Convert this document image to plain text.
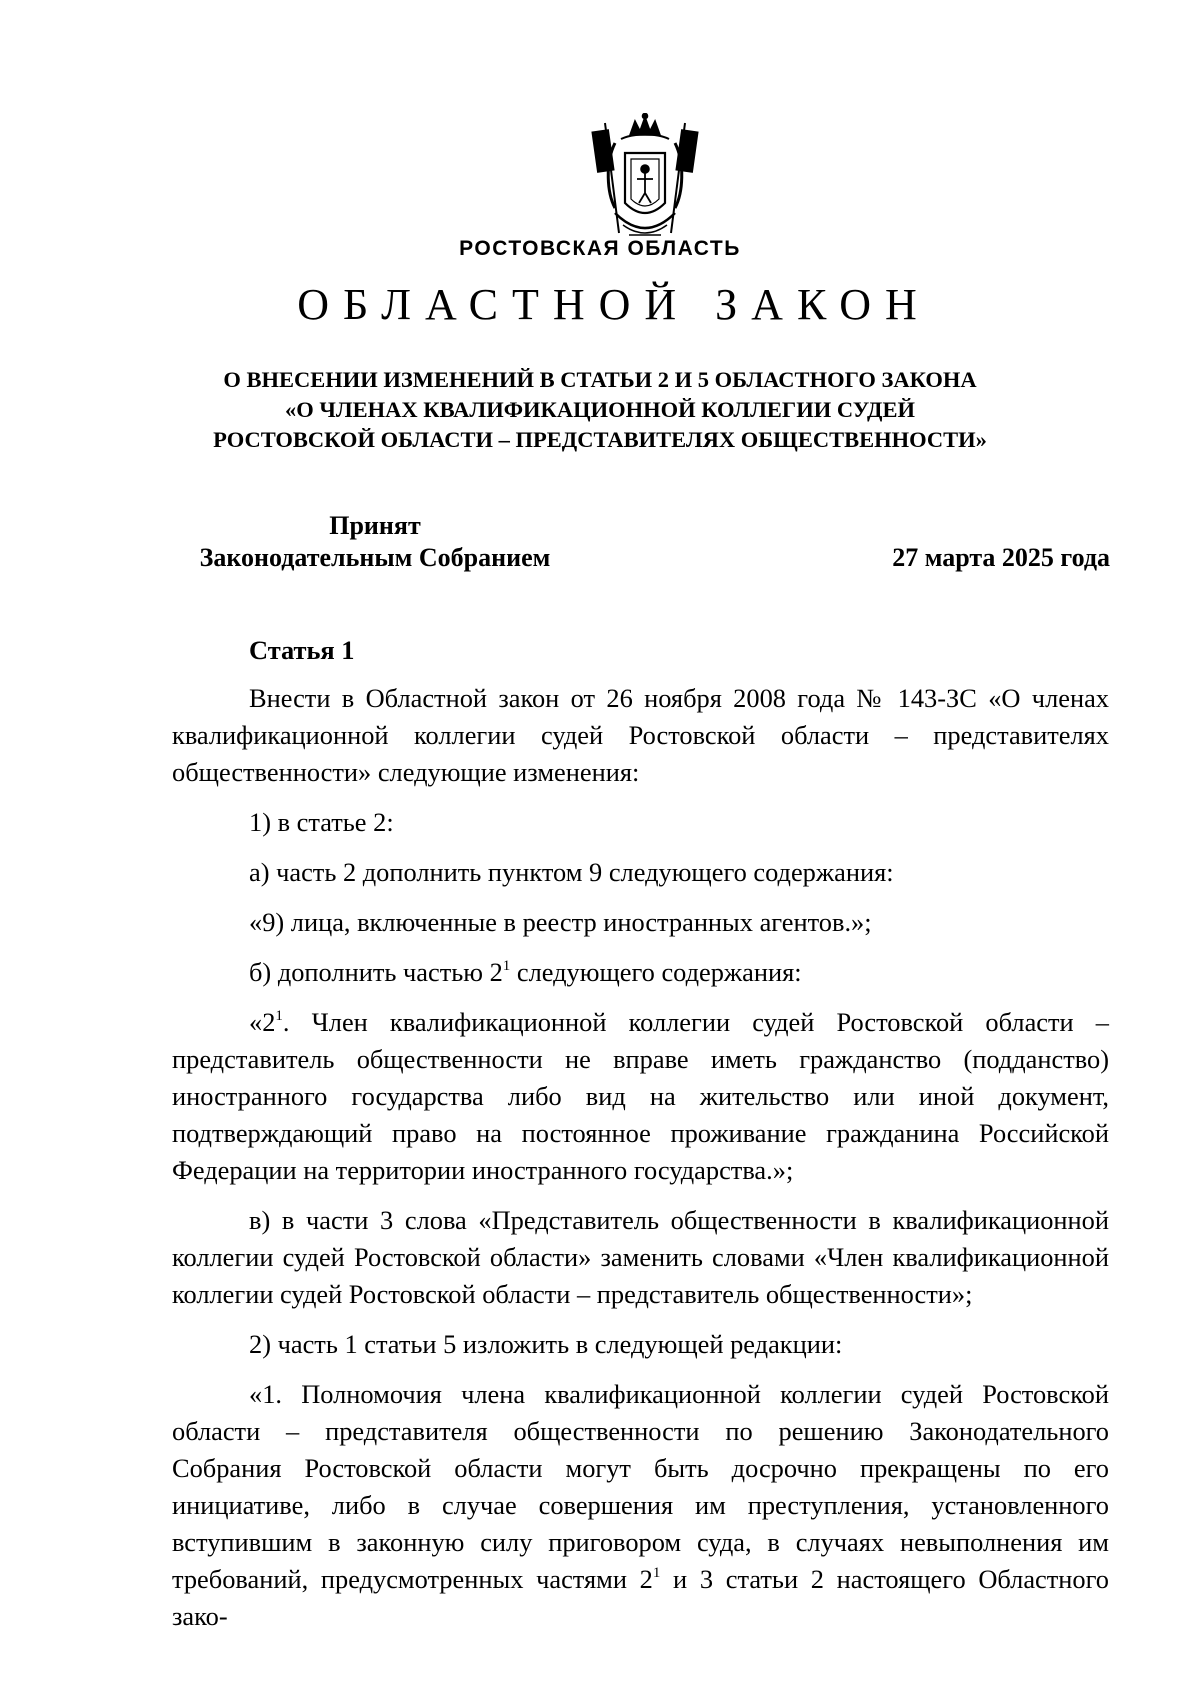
РОСТОВСКАЯ ОБЛАСТЬ
ОБЛАСТНОЙ ЗАКОН
О ВНЕСЕНИИ ИЗМЕНЕНИЙ В СТАТЬИ 2 И 5 ОБЛАСТНОГО ЗАКОНА
«О ЧЛЕНАХ КВАЛИФИКАЦИОННОЙ КОЛЛЕГИИ СУДЕЙ
РОСТОВСКОЙ ОБЛАСТИ – ПРЕДСТАВИТЕЛЯХ ОБЩЕСТВЕННОСТИ»
Принят
Законодательным Собранием	27 марта 2025 года

Статья 1

Внести в Областной закон от 26 ноября 2008 года № 143-ЗС «О членах квалификационной коллегии судей Ростовской области – представителях общественности» следующие изменения:

1) в статье 2:

а) часть 2 дополнить пунктом 9 следующего содержания:

«9) лица, включенные в реестр иностранных агентов.»;

б) дополнить частью $2^1$ следующего содержания:

«$2^1$. Член квалификационной коллегии судей Ростовской области – представитель общественности не вправе иметь гражданство (подданство) иностранного государства либо вид на жительство или иной документ, подтверждающий право на постоянное проживание гражданина Российской Федерации на территории иностранного государства.»;

в) в части 3 слова «Представитель общественности в квалификационной коллегии судей Ростовской области» заменить словами «Член квалификационной коллегии судей Ростовской области – представитель общественности»;

2) часть 1 статьи 5 изложить в следующей редакции:

«1. Полномочия члена квалификационной коллегии судей Ростовской области – представителя общественности по решению Законодательного Собрания Ростовской области могут быть досрочно прекращены по его инициативе, либо в случае совершения им преступления, установленного вступившим в законную силу приговором суда, в случаях невыполнения им требований, предусмотренных частями $2^1$ и 3 статьи 2 настоящего Областного зако-
